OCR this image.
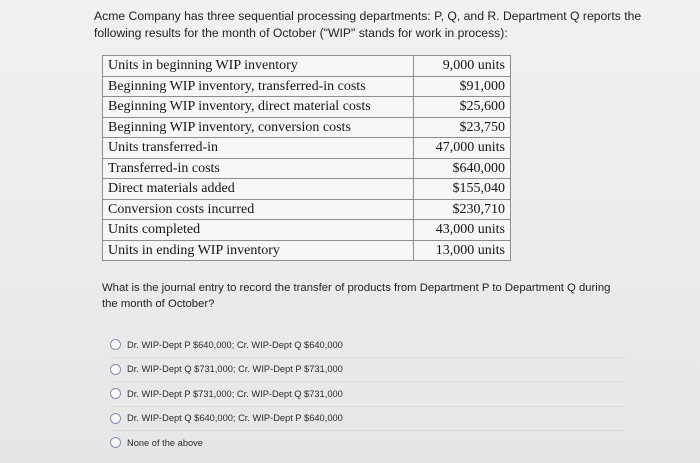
Acme Company has three sequential processing departments: P, Q, and R. Department Q reports the following results for the month of October ("WIP" stands for work in process):
Units in beginning WIP inventory	9,000 units
Beginning WIP inventory, transferred-in costs	$91,000
Beginning WIP inventory, direct material costs	$25,600
Beginning WIP inventory, conversion costs	$23,750
Units transferred-in	47,000 units
Transferred-in costs	$640,000
Direct materials added	$155,040
Conversion costs incurred	$230,710
Units completed	43,000 units
Units in ending WIP inventory	13,000 units
What is the journal entry to record the transfer of products from Department P to Department Q during the month of October?
Dr. WIP-Dept P $640,000; Cr. WIP-Dept Q $640,000
Dr. WIP-Dept Q $731,000; Cr. WIP-Dept P $731,000
Dr. WIP-Dept P $731,000; Cr. WIP-Dept Q $731,000
Dr. WIP-Dept Q $640,000; Cr. WIP-Dept P $640,000
None of the above
